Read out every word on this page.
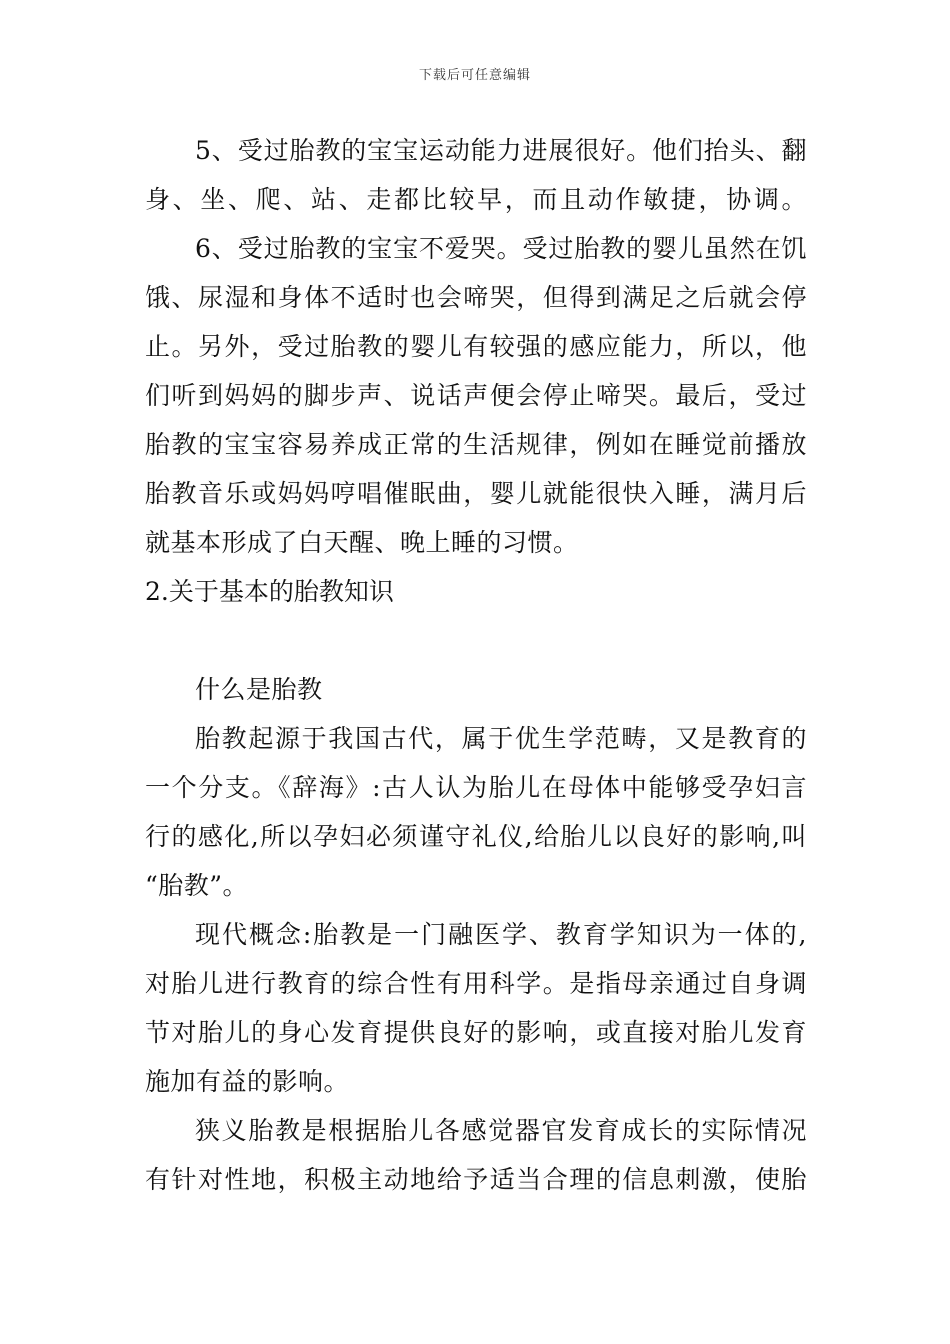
下载后可任意编辑
5、受过胎教的宝宝运动能力进展很好。他们抬头、翻
身、坐、爬、站、走都比较早，而且动作敏捷，协调。
6、受过胎教的宝宝不爱哭。受过胎教的婴儿虽然在饥
饿、尿湿和身体不适时也会啼哭，但得到满足之后就会停
止。另外，受过胎教的婴儿有较强的感应能力，所以，他
们听到妈妈的脚步声、说话声便会停止啼哭。最后，受过
胎教的宝宝容易养成正常的生活规律，例如在睡觉前播放
胎教音乐或妈妈哼唱催眠曲，婴儿就能很快入睡，满月后
就基本形成了白天醒、晚上睡的习惯。
2.关于基本的胎教知识
什么是胎教
胎教起源于我国古代，属于优生学范畴，又是教育的
一个分支。《辞海》:古人认为胎儿在母体中能够受孕妇言
行的感化,所以孕妇必须谨守礼仪,给胎儿以良好的影响,叫
“胎教”。
现代概念:胎教是一门融医学、教育学知识为一体的,
对胎儿进行教育的综合性有用科学。是指母亲通过自身调
节对胎儿的身心发育提供良好的影响，或直接对胎儿发育
施加有益的影响。
狭义胎教是根据胎儿各感觉器官发育成长的实际情况
有针对性地，积极主动地给予适当合理的信息刺激，使胎
